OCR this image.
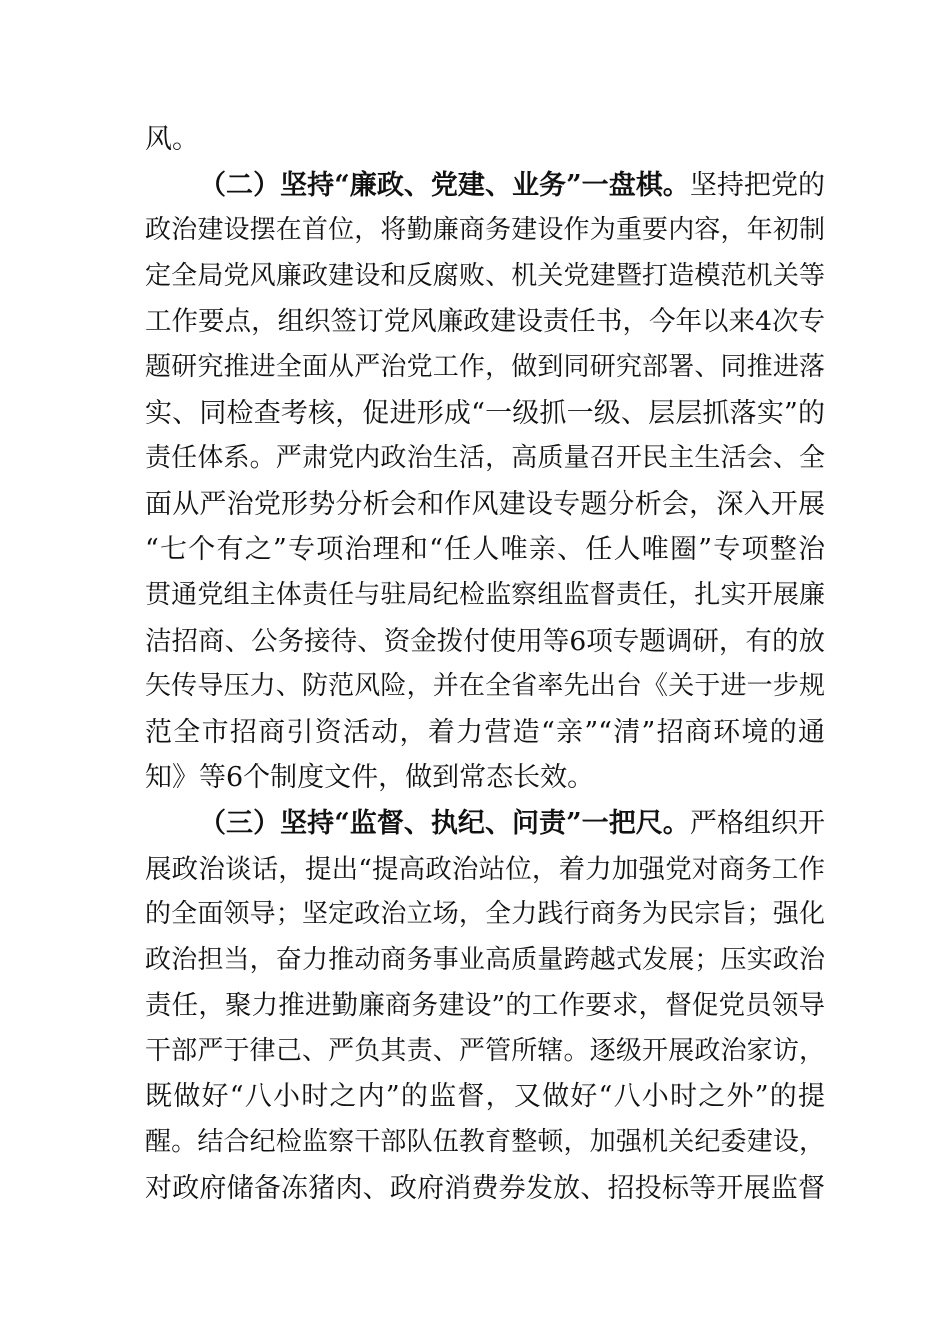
风。
（二）坚持“廉政、党建、业务”一盘棋。坚持把党的
政治建设摆在首位，将勤廉商务建设作为重要内容，年初制
定全局党风廉政建设和反腐败、机关党建暨打造模范机关等
工作要点，组织签订党风廉政建设责任书，今年以来4次专
题研究推进全面从严治党工作，做到同研究部署、同推进落
实、同检查考核，促进形成“一级抓一级、层层抓落实”的
责任体系。严肃党内政治生活，高质量召开民主生活会、全
面从严治党形势分析会和作风建设专题分析会，深入开展
“七个有之”专项治理和“任人唯亲、任人唯圈”专项整治
贯通党组主体责任与驻局纪检监察组监督责任，扎实开展廉
洁招商、公务接待、资金拨付使用等6项专题调研，有的放
矢传导压力、防范风险，并在全省率先出台《关于进一步规
范全市招商引资活动，着力营造“亲”“清”招商环境的通
知》等6个制度文件，做到常态长效。
（三）坚持“监督、执纪、问责”一把尺。严格组织开
展政治谈话，提出“提高政治站位，着力加强党对商务工作
的全面领导；坚定政治立场，全力践行商务为民宗旨；强化
政治担当，奋力推动商务事业高质量跨越式发展；压实政治
责任，聚力推进勤廉商务建设”的工作要求，督促党员领导
干部严于律己、严负其责、严管所辖。逐级开展政治家访，
既做好“八小时之内”的监督，又做好“八小时之外”的提
醒。结合纪检监察干部队伍教育整顿，加强机关纪委建设，
对政府储备冻猪肉、政府消费券发放、招投标等开展监督
